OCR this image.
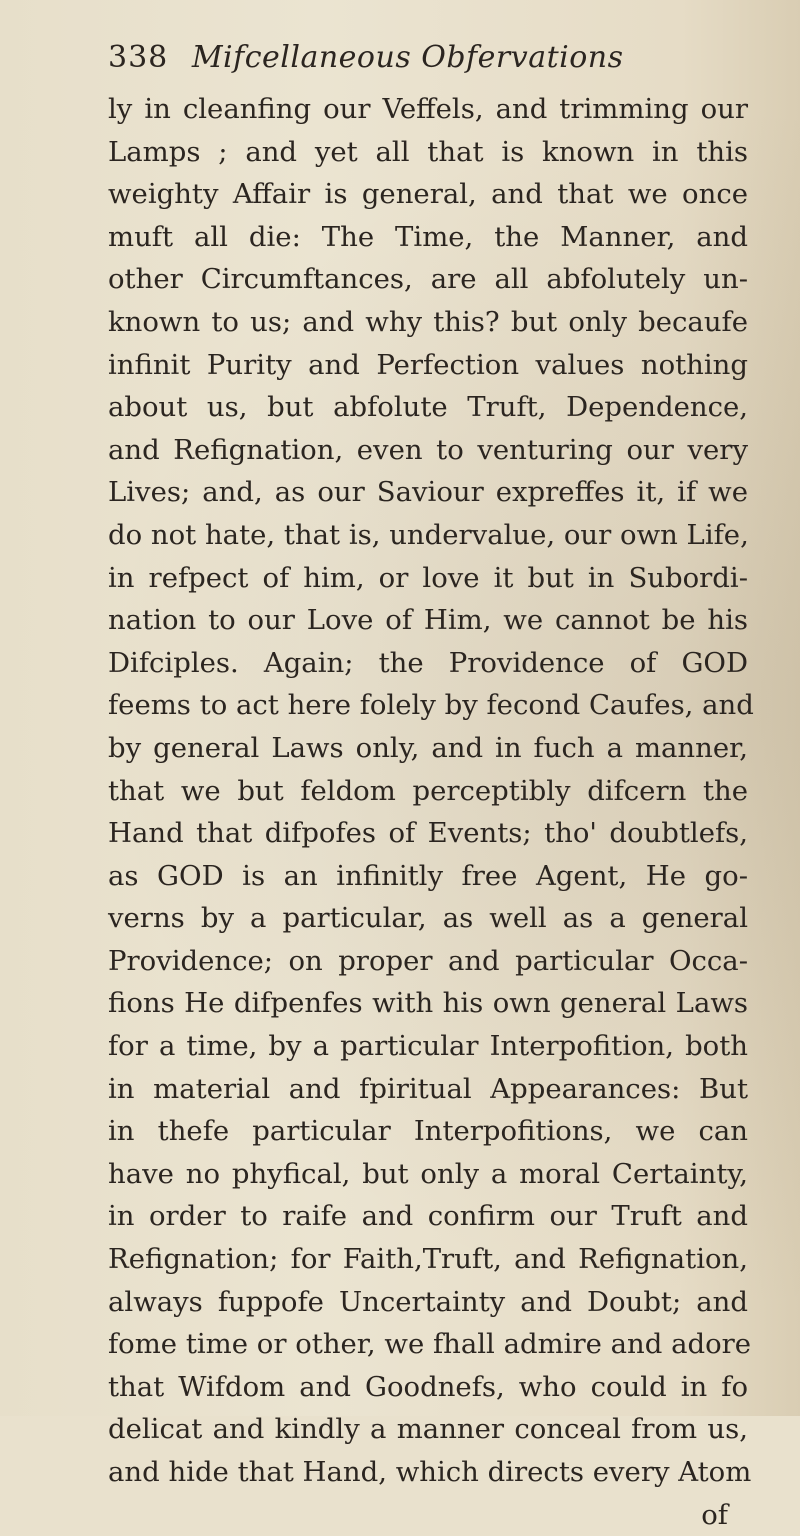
338 Mifcellaneous Obfervations
ly in cleanfing our Veffels, and trimming our
Lamps ; and yet all that is known in this
weighty Affair is general, and that we once
muft all die: The Time, the Manner, and
other Circumftances, are all abfolutely un-
known to us; and why this? but only becaufe
infinit Purity and Perfection values nothing
about us, but abfolute Truft, Dependence,
and Refignation, even to venturing our very
Lives; and, as our Saviour expreffes it, if we
do not hate, that is, undervalue, our own Life,
in refpect of him, or love it but in Subordi-
nation to our Love of Him, we cannot be his
Difciples. Again; the Providence of GOD
feems to act here folely by fecond Caufes, and
by general Laws only, and in fuch a manner,
that we but feldom perceptibly difcern the
Hand that difpofes of Events; tho' doubtlefs,
as GOD is an infinitly free Agent, He go-
verns by a particular, as well as a general
Providence; on proper and particular Occa-
fions He difpenfes with his own general Laws
for a time, by a particular Interpofition, both
in material and fpiritual Appearances: But
in thefe particular Interpofitions, we can
have no phyfical, but only a moral Certainty,
in order to raife and confirm our Truft and
Refignation; for Faith,Truft, and Refignation,
always fuppofe Uncertainty and Doubt; and
fome time or other, we fhall admire and adore
that Wifdom and Goodnefs, who could in fo
delicat and kindly a manner conceal from us,
and hide that Hand, which directs every Atom
of
